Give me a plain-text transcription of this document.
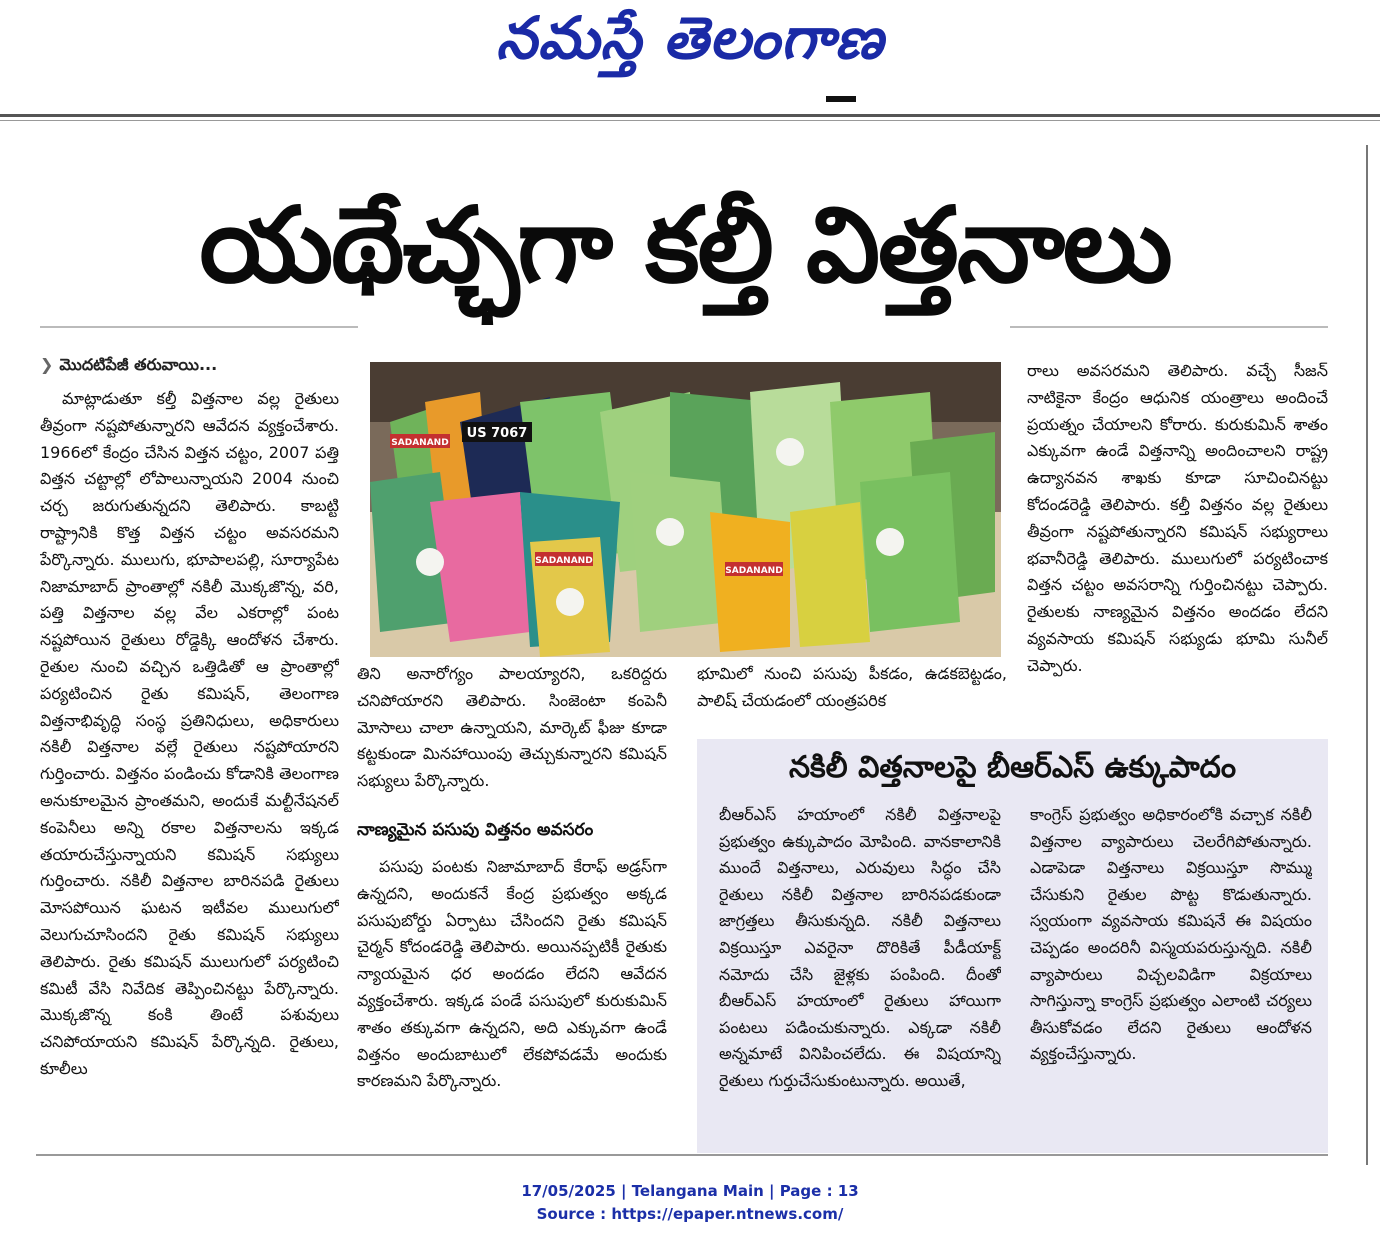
నమస్తే తెలంగాణ
యథేచ్ఛగా కల్తీ విత్తనాలు
❯ మొదటిపేజీ తరువాయి...

మాట్లాడుతూ కల్తీ విత్తనాల వల్ల రైతులు తీవ్రంగా నష్టపోతున్నారని ఆవేదన వ్యక్తంచేశారు. 1966లో కేంద్రం చేసిన విత్తన చట్టం, 2007 పత్తి విత్తన చట్టాల్లో లోపాలున్నాయని 2004 నుంచి చర్చ జరుగుతున్నదని తెలిపారు. కాబట్టి రాష్ట్రానికి కొత్త విత్తన చట్టం అవసరమని పేర్కొన్నారు. ములుగు, భూపాలపల్లి, సూర్యాపేట నిజామాబాద్ ప్రాంతాల్లో నకిలీ మొక్కజొన్న, వరి, పత్తి విత్తనాల వల్ల వేల ఎకరాల్లో పంట నష్టపోయిన రైతులు రోడ్డెక్కి ఆందోళన చేశారు. రైతుల నుంచి వచ్చిన ఒత్తిడితో ఆ ప్రాంతాల్లో పర్యటించిన రైతు కమిషన్, తెలంగాణ విత్తనాభివృద్ధి సంస్థ ప్రతినిధులు, అధికారులు నకిలీ విత్తనాల వల్లే రైతులు నష్టపోయారని గుర్తించారు. విత్తనం పండించు కోడానికి తెలంగాణ అనుకూలమైన ప్రాంతమని, అందుకే మల్టీనేషనల్ కంపెనీలు అన్ని రకాల విత్తనాలను ఇక్కడ తయారుచేస్తున్నాయని కమిషన్ సభ్యులు గుర్తించారు. నకిలీ విత్తనాల బారినపడి రైతులు మోసపోయిన ఘటన ఇటీవల ములుగులో వెలుగుచూసిందని రైతు కమిషన్ సభ్యులు తెలిపారు. రైతు కమిషన్ ములుగులో పర్యటించి కమిటీ వేసి నివేదిక తెప్పించినట్టు పేర్కొన్నారు. మొక్కజొన్న కంకి తింటే పశువులు చనిపోయాయని కమిషన్ పేర్కొన్నది. రైతులు, కూలీలు

US 7067
SADANAND
SADANAND
SADANAND

తిని అనారోగ్యం పాలయ్యారని, ఒకరిద్దరు చనిపోయారని తెలిపారు. సింజెంటా కంపెనీ మోసాలు చాలా ఉన్నాయని, మార్కెట్ ఫీజు కూడా కట్టకుండా మినహాయింపు తెచ్చుకున్నారని కమిషన్ సభ్యులు పేర్కొన్నారు.

నాణ్యమైన పసుపు విత్తనం అవసరం

పసుపు పంటకు నిజామాబాద్ కేరాఫ్ అడ్రస్‌గా ఉన్నదని, అందుకనే కేంద్ర ప్రభుత్వం అక్కడ పసుపుబోర్డు ఏర్పాటు చేసిందని రైతు కమిషన్ చైర్మన్ కోదండరెడ్డి తెలిపారు. అయినప్పటికీ రైతుకు న్యాయమైన ధర అందడం లేదని ఆవేదన వ్యక్తంచేశారు. ఇక్కడ పండే పసుపులో కురుకుమిన్ శాతం తక్కువగా ఉన్నదని, అది ఎక్కువగా ఉండే విత్తనం అందుబాటులో లేకపోవడమే అందుకు కారణమని పేర్కొన్నారు.

భూమిలో నుంచి పసుపు పీకడం, ఉడకబెట్టడం, పాలిష్ చేయడంలో యంత్రపరిక

రాలు అవసరమని తెలిపారు. వచ్చే సీజన్ నాటికైనా కేంద్రం ఆధునిక యంత్రాలు అందించే ప్రయత్నం చేయాలని కోరారు. కురుకుమిన్ శాతం ఎక్కువగా ఉండే విత్తనాన్ని అందించాలని రాష్ట్ర ఉద్యానవన శాఖకు కూడా సూచించినట్టు కోదండరెడ్డి తెలిపారు. కల్తీ విత్తనం వల్ల రైతులు తీవ్రంగా నష్టపోతున్నారని కమిషన్ సభ్యురాలు భవానీరెడ్డి తెలిపారు. ములుగులో పర్యటించాక విత్తన చట్టం అవసరాన్ని గుర్తించినట్టు చెప్పారు. రైతులకు నాణ్యమైన విత్తనం అందడం లేదని వ్యవసాయ కమిషన్ సభ్యుడు భూమి సునీల్ చెప్పారు.

బీఆర్‌ఎస్ హయాంలో నకిలీ విత్తనాలపై ప్రభుత్వం ఉక్కుపాదం మోపింది. వానకాలానికి ముందే విత్తనాలు, ఎరువులు సిద్ధం చేసి రైతులు నకిలీ విత్తనాల బారినపడకుండా జాగ్రత్తలు తీసుకున్నది. నకిలీ విత్తనాలు విక్రయిస్తూ ఎవరైనా దొరికితే పీడీయాక్ట్ నమోదు చేసి జైళ్లకు పంపింది. దీంతో బీఆర్‌ఎస్ హయాంలో రైతులు హాయిగా పంటలు పడించుకున్నారు. ఎక్కడా నకిలీ అన్నమాటే వినిపించలేదు. ఈ విషయాన్ని రైతులు గుర్తుచేసుకుంటున్నారు. అయితే,

కాంగ్రెస్ ప్రభుత్వం అధికారంలోకి వచ్చాక నకిలీ విత్తనాల వ్యాపారులు చెలరేగిపోతున్నారు. ఎడాపెడా విత్తనాలు విక్రయిస్తూ సొమ్ము చేసుకుని రైతుల పొట్ట కొడుతున్నారు. స్వయంగా వ్యవసాయ కమిషనే ఈ విషయం చెప్పడం అందరినీ విస్మయపరుస్తున్నది. నకిలీ వ్యాపారులు విచ్చలవిడిగా విక్రయాలు సాగిస్తున్నా కాంగ్రెస్ ప్రభుత్వం ఎలాంటి చర్యలు తీసుకోవడం లేదని రైతులు ఆందోళన వ్యక్తంచేస్తున్నారు.

నకిలీ విత్తనాలపై బీఆర్‌ఎస్ ఉక్కుపాదం
17/05/2025 | Telangana Main | Page : 13
Source : https://epaper.ntnews.com/
